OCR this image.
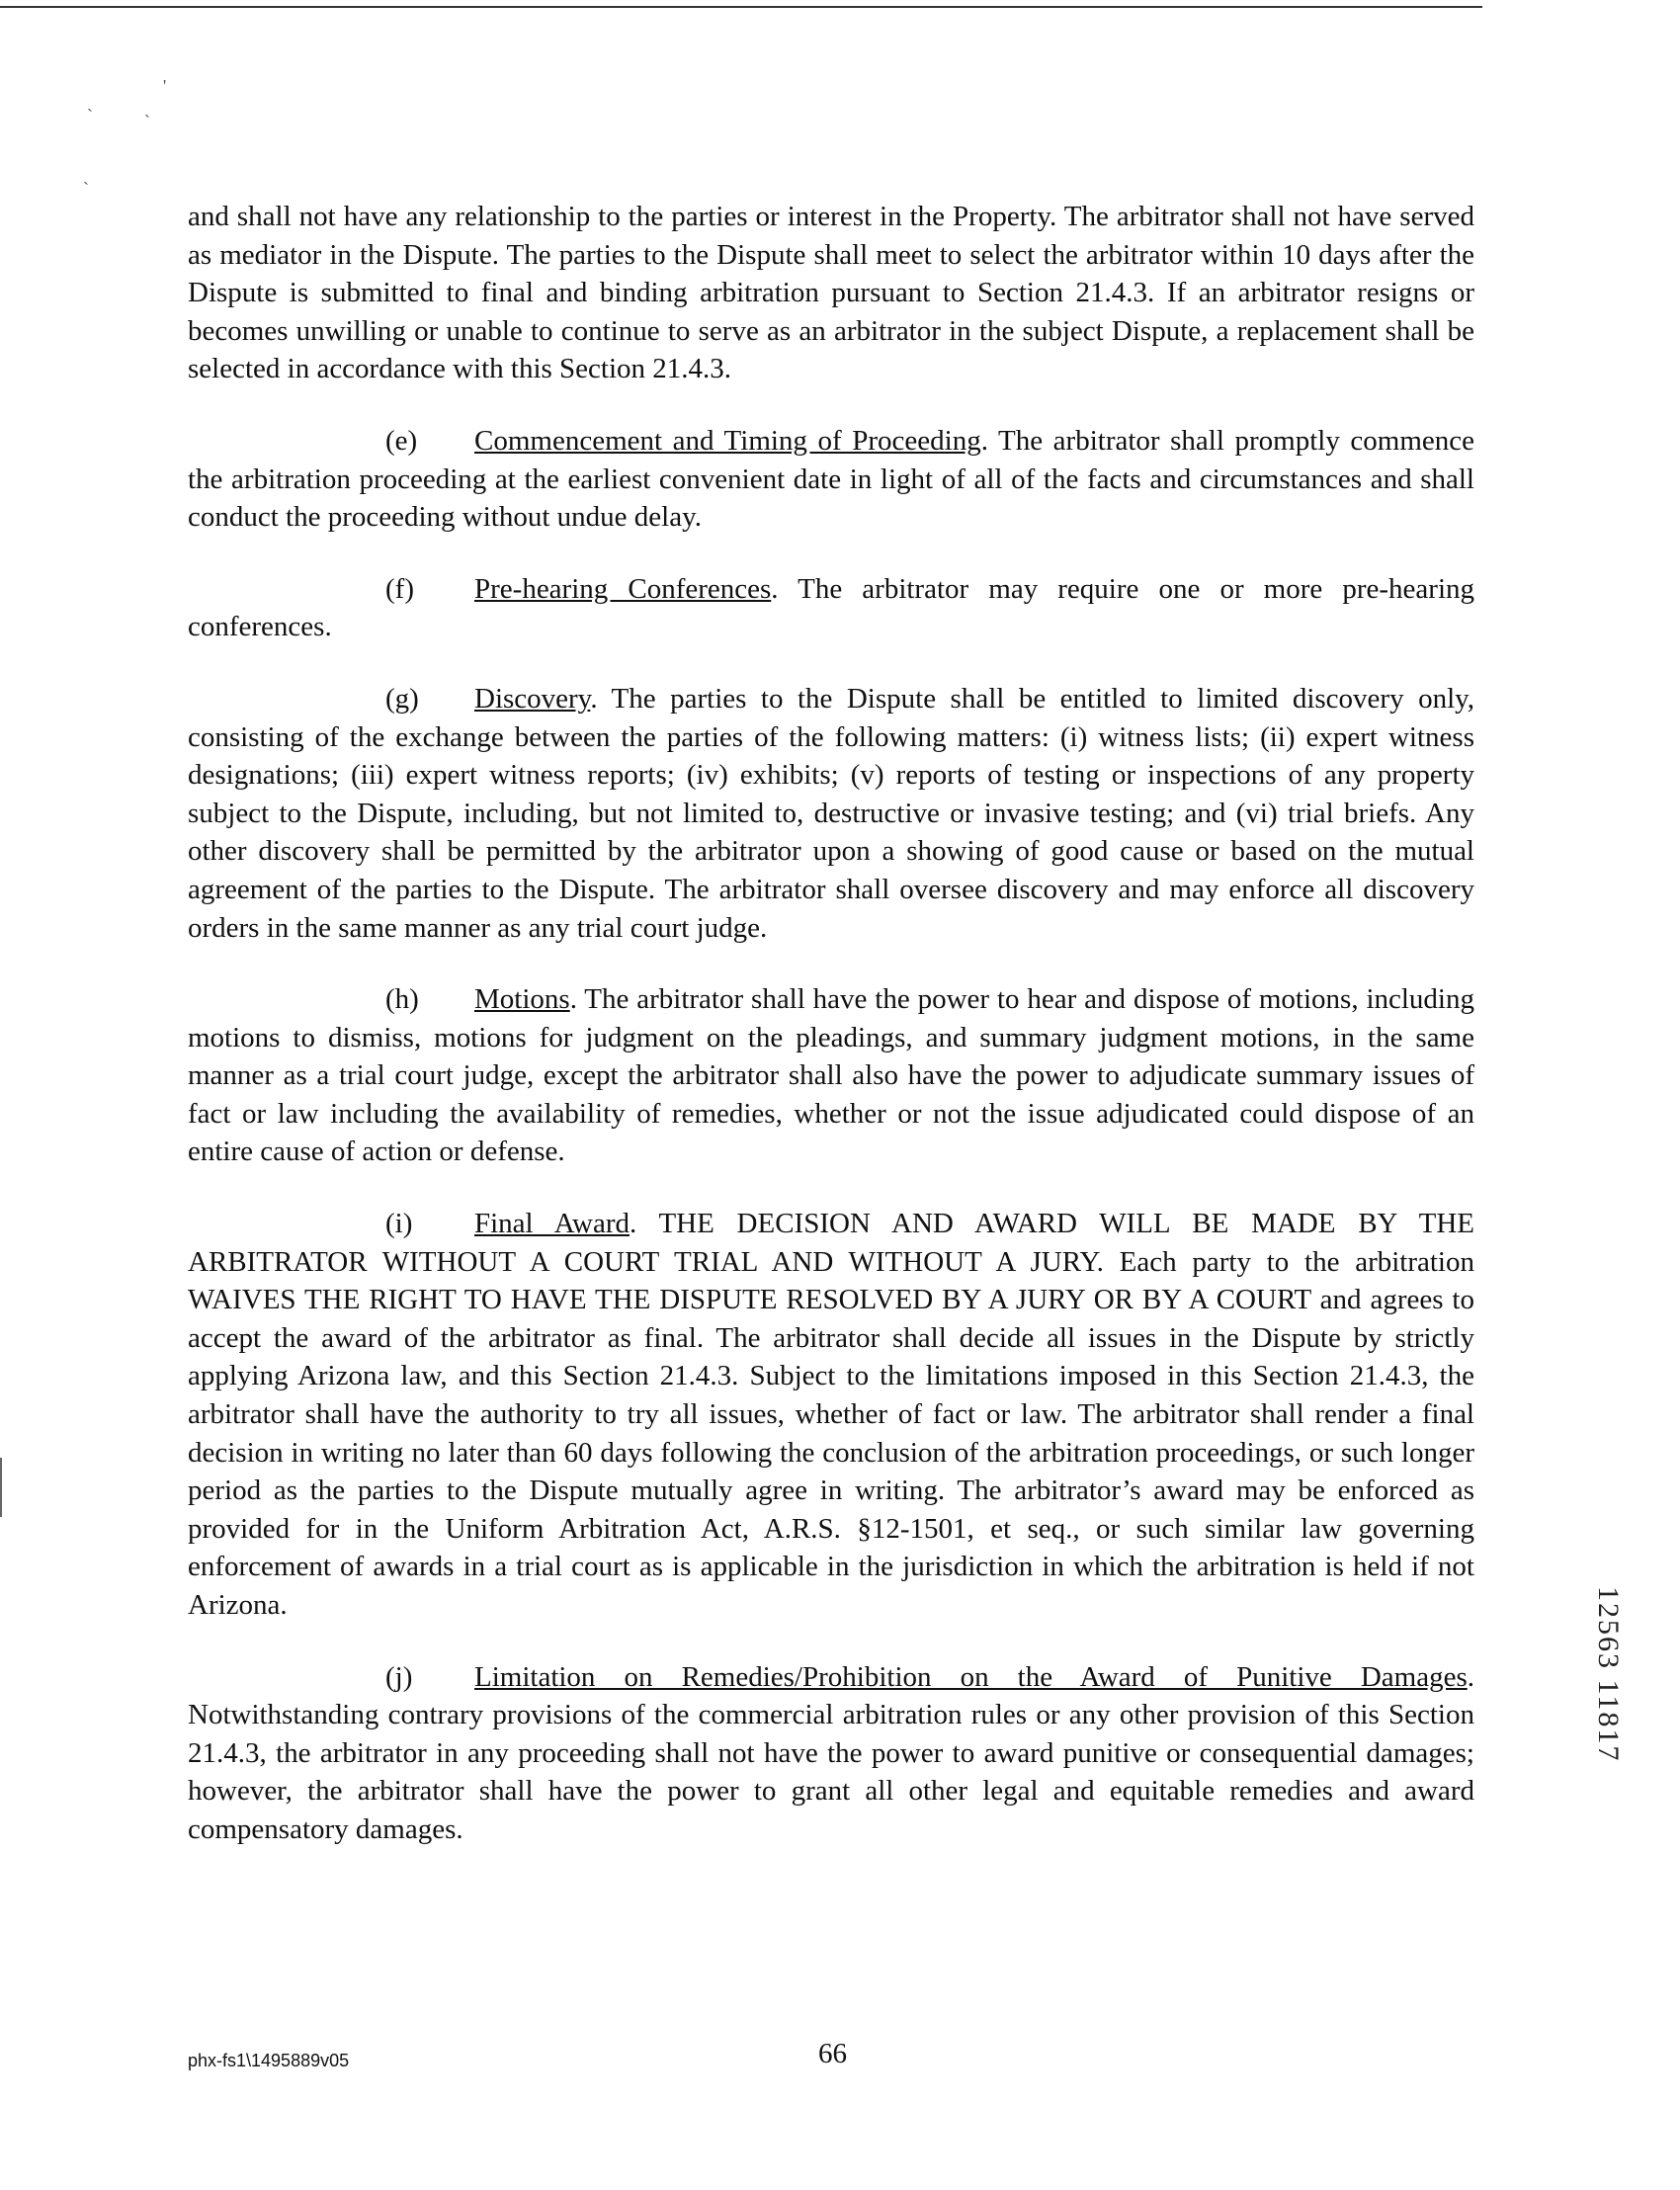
'
`	`
`

and shall not have any relationship to the parties or interest in the Property. The arbitrator shall not have served as mediator in the Dispute. The parties to the Dispute shall meet to select the arbitrator within 10 days after the Dispute is submitted to final and binding arbitration pursuant to Section 21.4.3. If an arbitrator resigns or becomes unwilling or unable to continue to serve as an arbitrator in the subject Dispute, a replacement shall be selected in accordance with this Section 21.4.3.

(e) Commencement and Timing of Proceeding. The arbitrator shall promptly commence the arbitration proceeding at the earliest convenient date in light of all of the facts and circumstances and shall conduct the proceeding without undue delay.

(f) Pre-hearing Conferences. The arbitrator may require one or more pre-hearing conferences.

(g) Discovery. The parties to the Dispute shall be entitled to limited discovery only, consisting of the exchange between the parties of the following matters: (i) witness lists; (ii) expert witness designations; (iii) expert witness reports; (iv) exhibits; (v) reports of testing or inspections of any property subject to the Dispute, including, but not limited to, destructive or invasive testing; and (vi) trial briefs. Any other discovery shall be permitted by the arbitrator upon a showing of good cause or based on the mutual agreement of the parties to the Dispute. The arbitrator shall oversee discovery and may enforce all discovery orders in the same manner as any trial court judge.

(h) Motions. The arbitrator shall have the power to hear and dispose of motions, including motions to dismiss, motions for judgment on the pleadings, and summary judgment motions, in the same manner as a trial court judge, except the arbitrator shall also have the power to adjudicate summary issues of fact or law including the availability of remedies, whether or not the issue adjudicated could dispose of an entire cause of action or defense.

(i) Final Award. THE DECISION AND AWARD WILL BE MADE BY THE ARBITRATOR WITHOUT A COURT TRIAL AND WITHOUT A JURY. Each party to the arbitration WAIVES THE RIGHT TO HAVE THE DISPUTE RESOLVED BY A JURY OR BY A COURT and agrees to accept the award of the arbitrator as final. The arbitrator shall decide all issues in the Dispute by strictly applying Arizona law, and this Section 21.4.3. Subject to the limitations imposed in this Section 21.4.3, the arbitrator shall have the authority to try all issues, whether of fact or law. The arbitrator shall render a final decision in writing no later than 60 days following the conclusion of the arbitration proceedings, or such longer period as the parties to the Dispute mutually agree in writing. The arbitrator’s award may be enforced as provided for in the Uniform Arbitration Act, A.R.S. §12-1501, et seq., or such similar law governing enforcement of awards in a trial court as is applicable in the jurisdiction in which the arbitration is held if not Arizona.

(j) Limitation on Remedies/Prohibition on the Award of Punitive Damages. Notwithstanding contrary provisions of the commercial arbitration rules or any other provision of this Section 21.4.3, the arbitrator in any proceeding shall not have the power to award punitive or consequential damages; however, the arbitrator shall have the power to grant all other legal and equitable remedies and award compensatory damages.

phx-fs1\1495889v05	66
12563 11817
